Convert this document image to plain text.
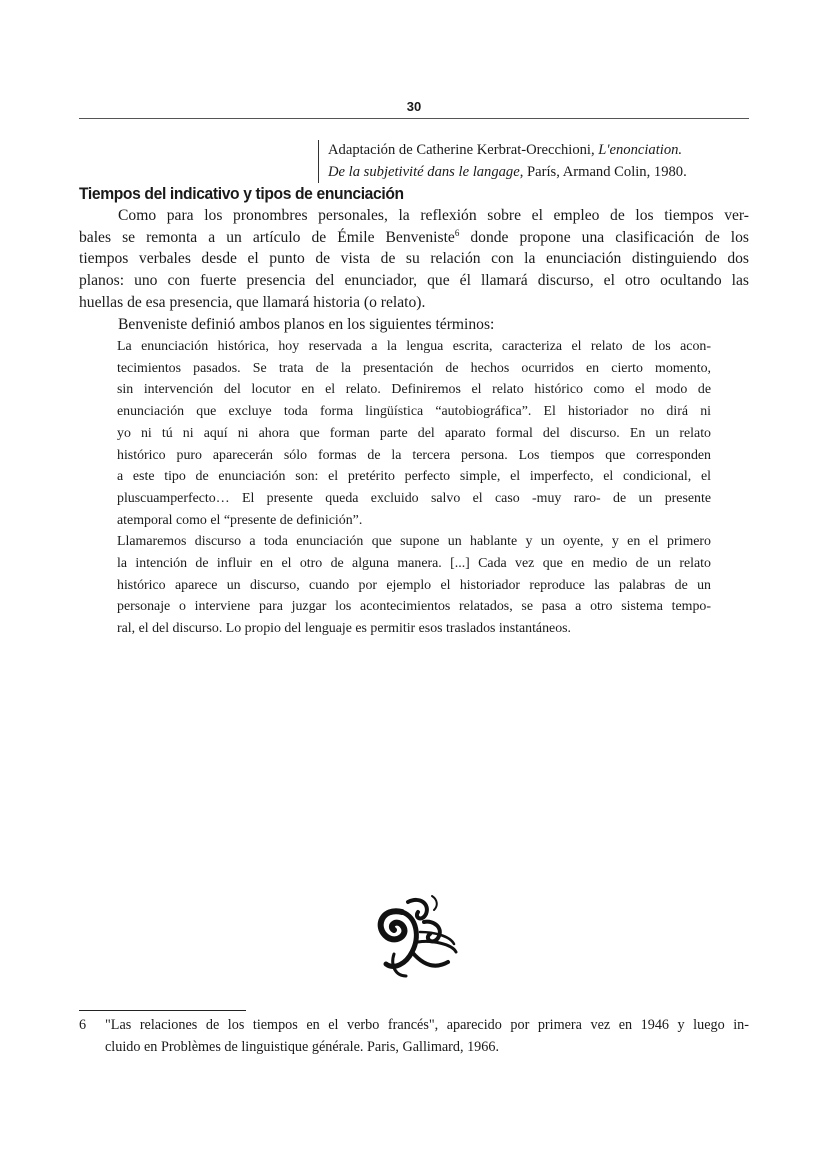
30
Adaptación de Catherine Kerbrat-Orecchioni, L'enonciation.
De la subjetivité dans le langage, París, Armand Colin, 1980.
Tiempos del indicativo y tipos de enunciación
Como para los pronombres personales, la reflexión sobre el empleo de los tiempos ver-
bales se remonta a un artículo de Émile Benveniste$^6$ donde propone una clasificación de los
tiempos verbales desde el punto de vista de su relación con la enunciación distinguiendo dos
planos: uno con fuerte presencia del enunciador, que él llamará discurso, el otro ocultando las
huellas de esa presencia, que llamará historia (o relato).
Benveniste definió ambos planos en los siguientes términos:
La enunciación histórica, hoy reservada a la lengua escrita, caracteriza el relato de los acon-
tecimientos pasados. Se trata de la presentación de hechos ocurridos en cierto momento,
sin intervención del locutor en el relato. Definiremos el relato histórico como el modo de
enunciación que excluye toda forma lingüística “autobiográfica”. El historiador no dirá ni
yo ni tú ni aquí ni ahora que forman parte del aparato formal del discurso. En un relato
histórico puro aparecerán sólo formas de la tercera persona. Los tiempos que corresponden
a este tipo de enunciación son: el pretérito perfecto simple, el imperfecto, el condicional, el
pluscuamperfecto… El presente queda excluido salvo el caso -muy raro- de un presente
atemporal como el “presente de definición”.
Llamaremos discurso a toda enunciación que supone un hablante y un oyente, y en el primero
la intención de influir en el otro de alguna manera. [...] Cada vez que en medio de un relato
histórico aparece un discurso, cuando por ejemplo el historiador reproduce las palabras de un
personaje o interviene para juzgar los acontecimientos relatados, se pasa a otro sistema tempo-
ral, el del discurso. Lo propio del lenguaje es permitir esos traslados instantáneos.
6 "Las relaciones de los tiempos en el verbo francés", aparecido por primera vez en 1946 y luego in-
cluido en Problèmes de linguistique générale. Paris, Gallimard, 1966.
